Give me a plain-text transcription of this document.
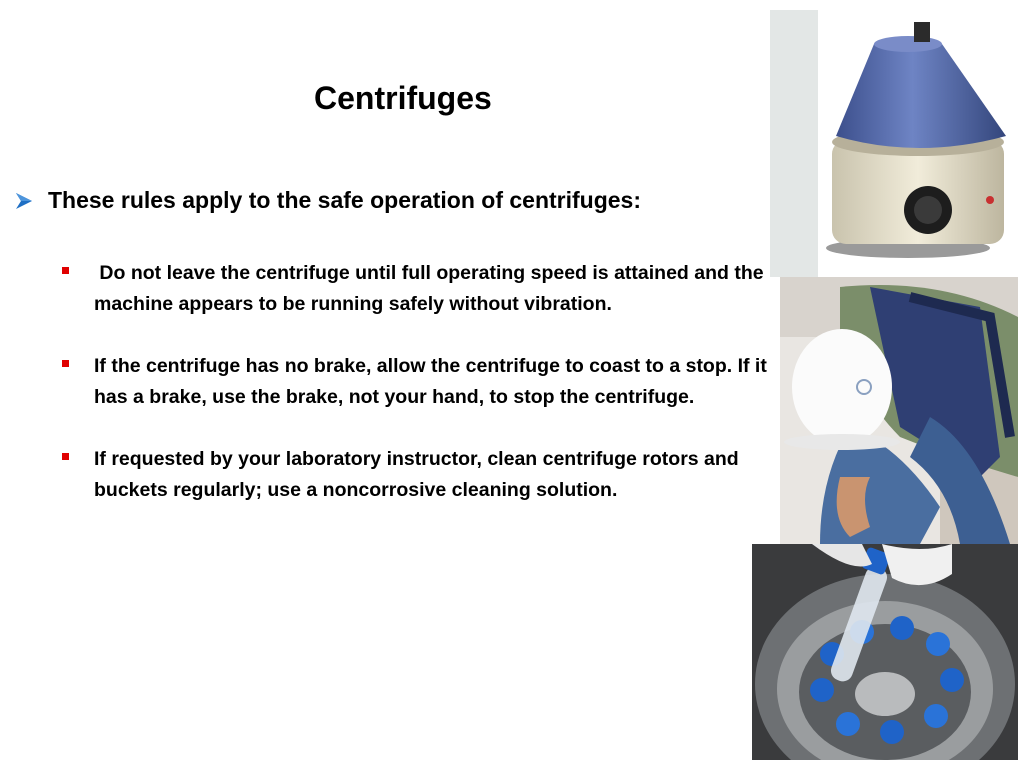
Centrifuges
These rules apply to the safe operation of centrifuges:
Do not leave the centrifuge until full operating speed is attained and the machine appears to be running safely without vibration.
If the centrifuge has no brake, allow the centrifuge to coast to a stop. If it has a brake, use the brake, not your hand, to stop the centrifuge.
If requested by your laboratory instructor, clean centrifuge rotors and buckets regularly; use a noncorrosive cleaning solution.
